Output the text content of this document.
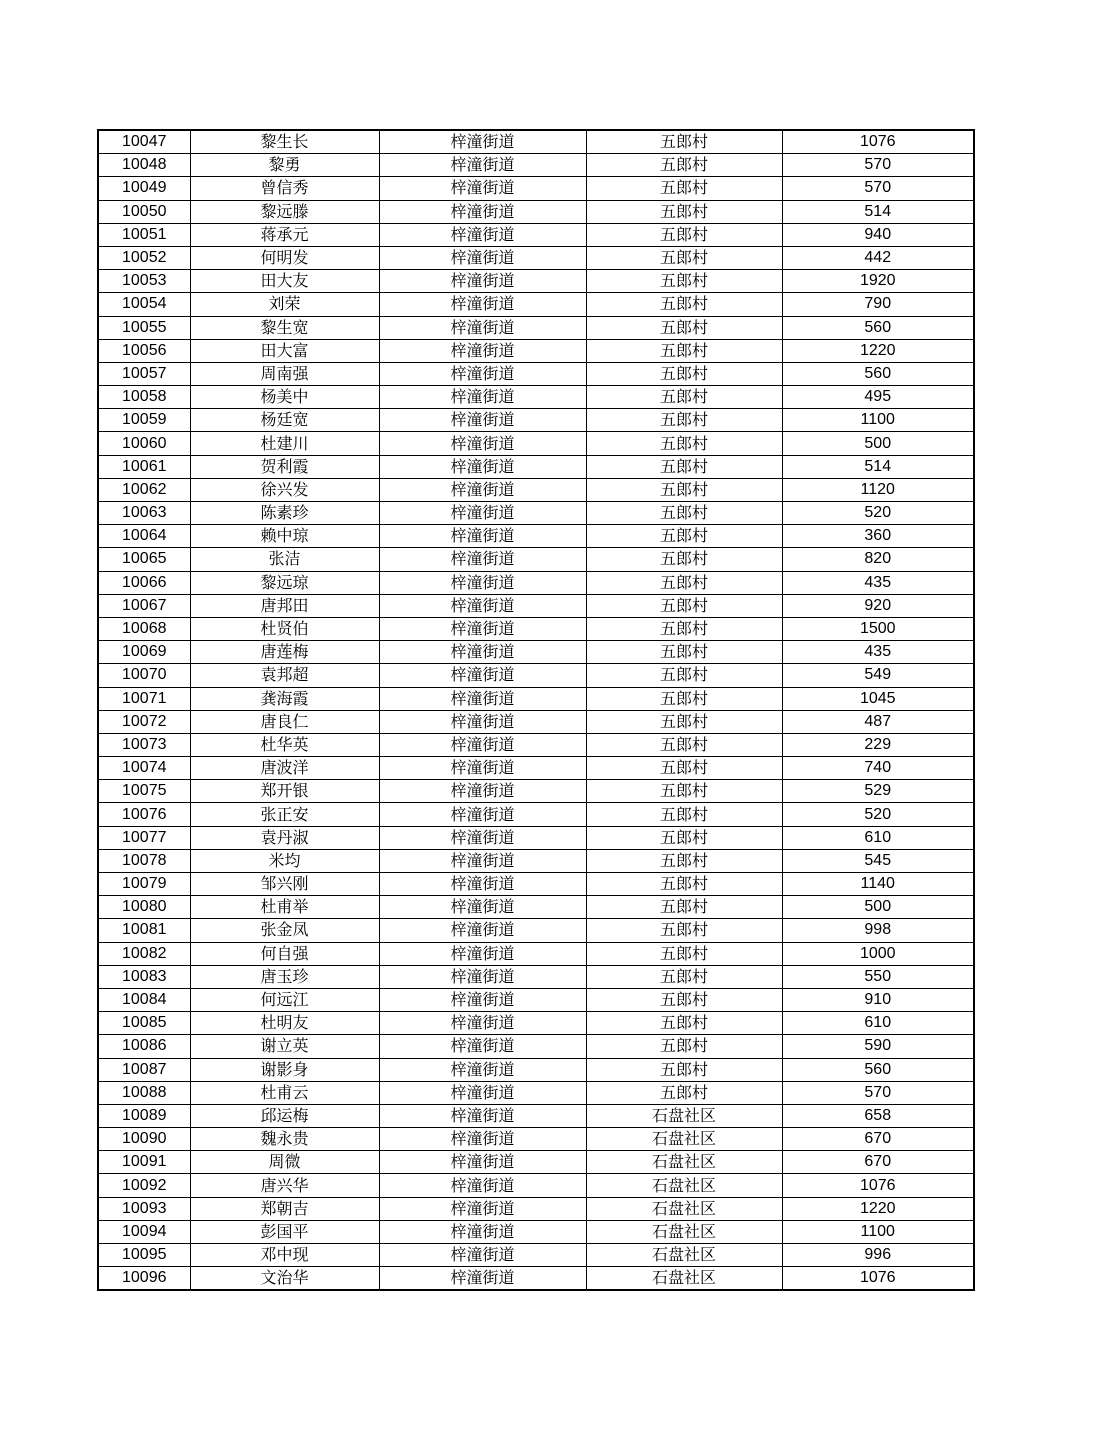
10047	黎生长	梓潼街道	五郎村	1076
10048	黎勇	梓潼街道	五郎村	570
10049	曾信秀	梓潼街道	五郎村	570
10050	黎远滕	梓潼街道	五郎村	514
10051	蒋承元	梓潼街道	五郎村	940
10052	何明发	梓潼街道	五郎村	442
10053	田大友	梓潼街道	五郎村	1920
10054	刘荣	梓潼街道	五郎村	790
10055	黎生宽	梓潼街道	五郎村	560
10056	田大富	梓潼街道	五郎村	1220
10057	周南强	梓潼街道	五郎村	560
10058	杨美中	梓潼街道	五郎村	495
10059	杨廷宽	梓潼街道	五郎村	1100
10060	杜建川	梓潼街道	五郎村	500
10061	贺利霞	梓潼街道	五郎村	514
10062	徐兴发	梓潼街道	五郎村	1120
10063	陈素珍	梓潼街道	五郎村	520
10064	赖中琼	梓潼街道	五郎村	360
10065	张洁	梓潼街道	五郎村	820
10066	黎远琼	梓潼街道	五郎村	435
10067	唐邦田	梓潼街道	五郎村	920
10068	杜贤伯	梓潼街道	五郎村	1500
10069	唐莲梅	梓潼街道	五郎村	435
10070	袁邦超	梓潼街道	五郎村	549
10071	龚海霞	梓潼街道	五郎村	1045
10072	唐良仁	梓潼街道	五郎村	487
10073	杜华英	梓潼街道	五郎村	229
10074	唐波洋	梓潼街道	五郎村	740
10075	郑开银	梓潼街道	五郎村	529
10076	张正安	梓潼街道	五郎村	520
10077	袁丹淑	梓潼街道	五郎村	610
10078	米均	梓潼街道	五郎村	545
10079	邹兴刚	梓潼街道	五郎村	1140
10080	杜甫举	梓潼街道	五郎村	500
10081	张金凤	梓潼街道	五郎村	998
10082	何自强	梓潼街道	五郎村	1000
10083	唐玉珍	梓潼街道	五郎村	550
10084	何远江	梓潼街道	五郎村	910
10085	杜明友	梓潼街道	五郎村	610
10086	谢立英	梓潼街道	五郎村	590
10087	谢影身	梓潼街道	五郎村	560
10088	杜甫云	梓潼街道	五郎村	570
10089	邱运梅	梓潼街道	石盘社区	658
10090	魏永贵	梓潼街道	石盘社区	670
10091	周微	梓潼街道	石盘社区	670
10092	唐兴华	梓潼街道	石盘社区	1076
10093	郑朝吉	梓潼街道	石盘社区	1220
10094	彭国平	梓潼街道	石盘社区	1100
10095	邓中现	梓潼街道	石盘社区	996
10096	文治华	梓潼街道	石盘社区	1076
